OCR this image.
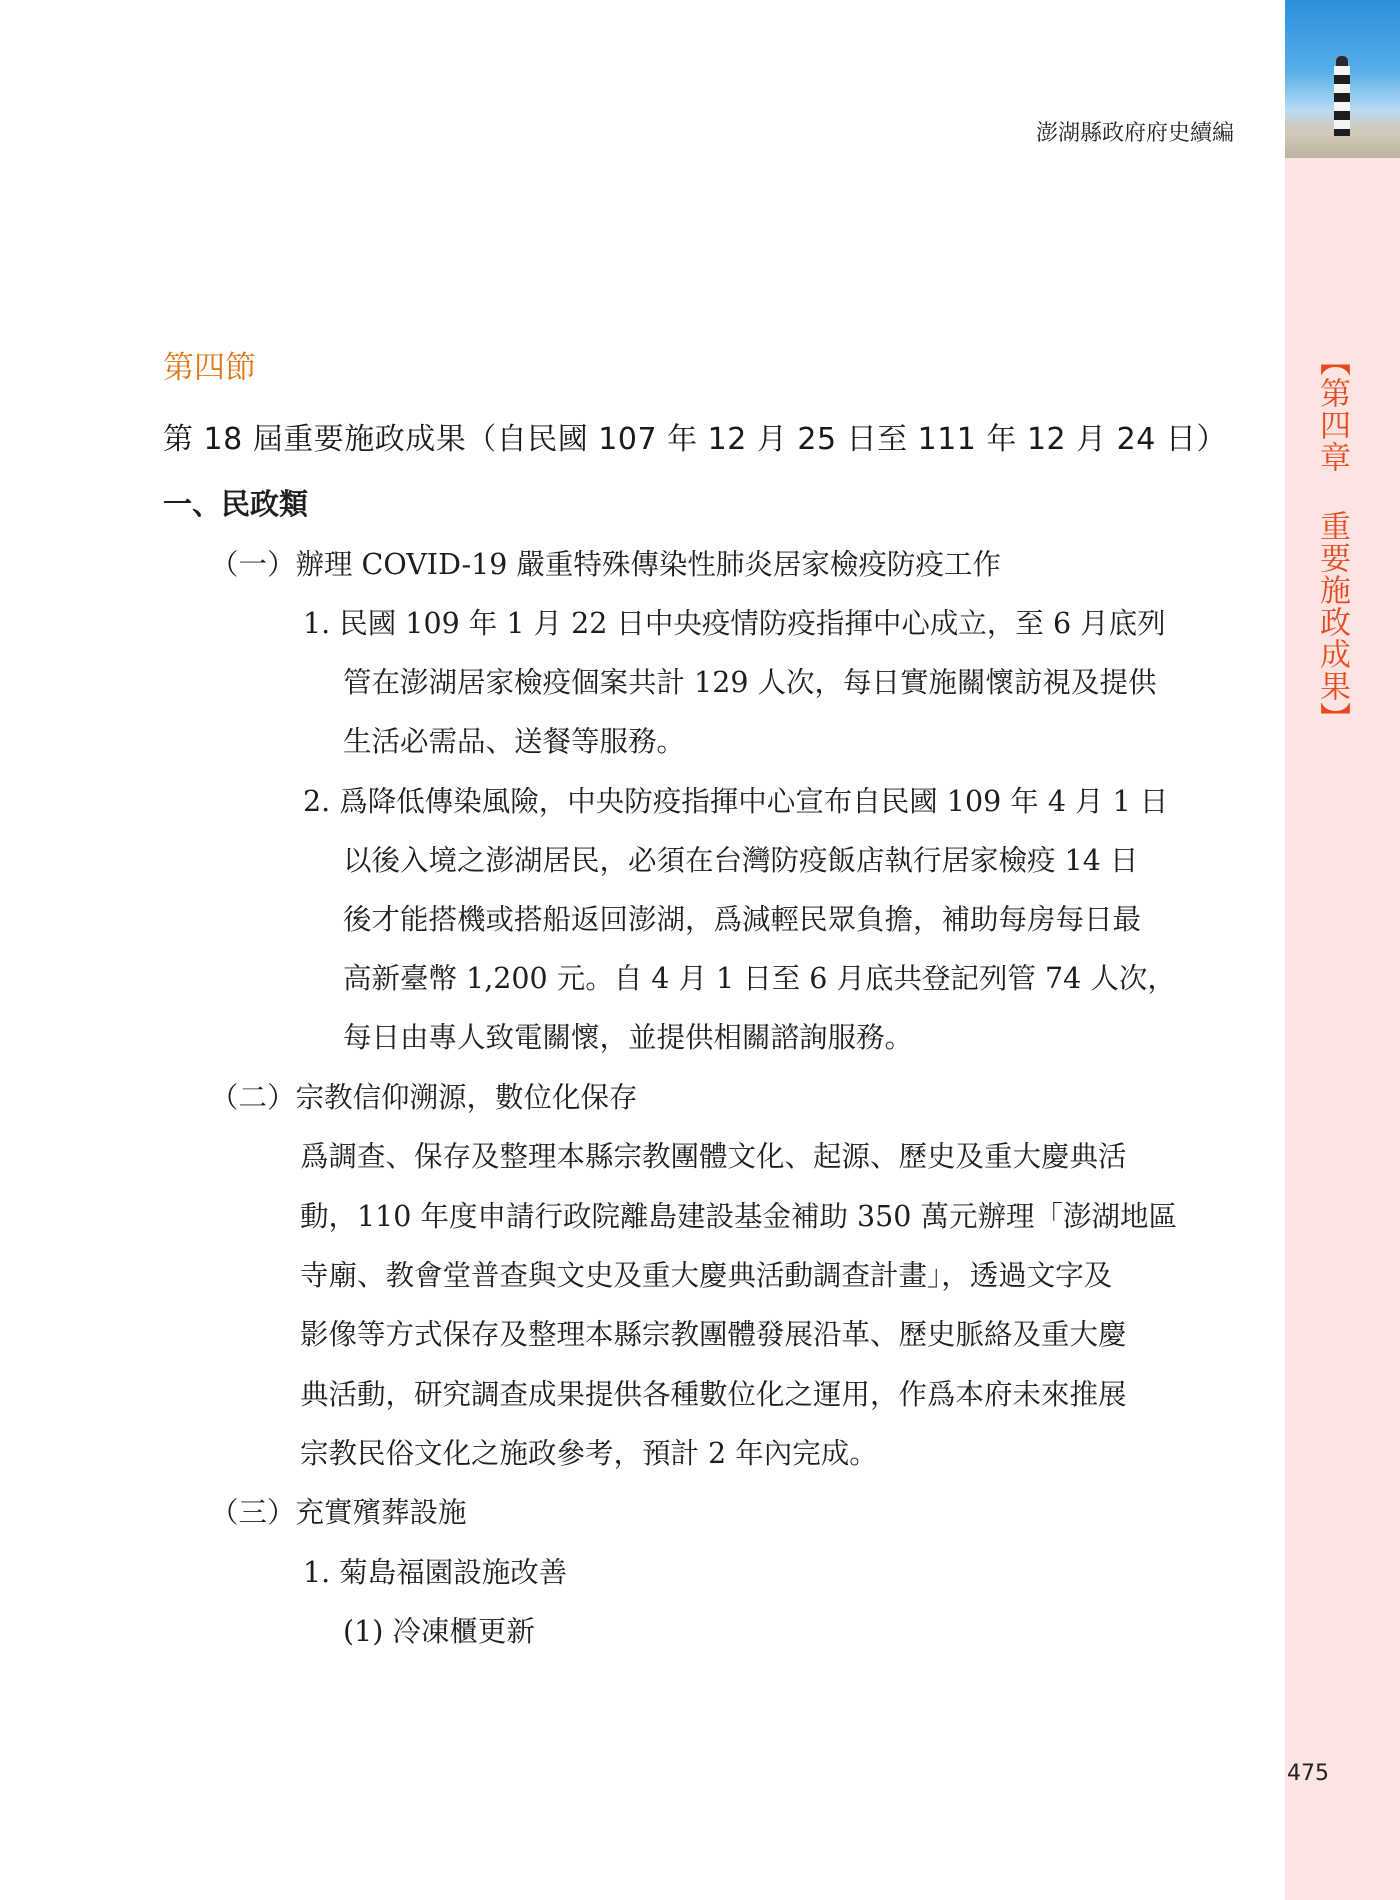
【第四章 重要施政成果】
澎湖縣政府府史續編
第四節
第 18 屆重要施政成果（自民國 107 年 12 月 25 日至 111 年 12 月 24 日）
一、民政類
（一）辦理 COVID-19 嚴重特殊傳染性肺炎居家檢疫防疫工作
1. 民國 109 年 1 月 22 日中央疫情防疫指揮中心成立，至 6 月底列
管在澎湖居家檢疫個案共計 129 人次，每日實施關懷訪視及提供
生活必需品、送餐等服務。
2. 爲降低傳染風險，中央防疫指揮中心宣布自民國 109 年 4 月 1 日
以後入境之澎湖居民，必須在台灣防疫飯店執行居家檢疫 14 日
後才能搭機或搭船返回澎湖，爲減輕民眾負擔，補助每房每日最
高新臺幣 1,200 元。自 4 月 1 日至 6 月底共登記列管 74 人次，
每日由專人致電關懷，並提供相關諮詢服務。
（二）宗教信仰溯源，數位化保存
爲調查、保存及整理本縣宗教團體文化、起源、歷史及重大慶典活
動，110 年度申請行政院離島建設基金補助 350 萬元辦理「澎湖地區
寺廟、教會堂普查與文史及重大慶典活動調查計畫」，透過文字及
影像等方式保存及整理本縣宗教團體發展沿革、歷史脈絡及重大慶
典活動，研究調查成果提供各種數位化之運用，作爲本府未來推展
宗教民俗文化之施政參考，預計 2 年內完成。
（三）充實殯葬設施
1. 菊島福園設施改善
(1) 冷凍櫃更新
475
